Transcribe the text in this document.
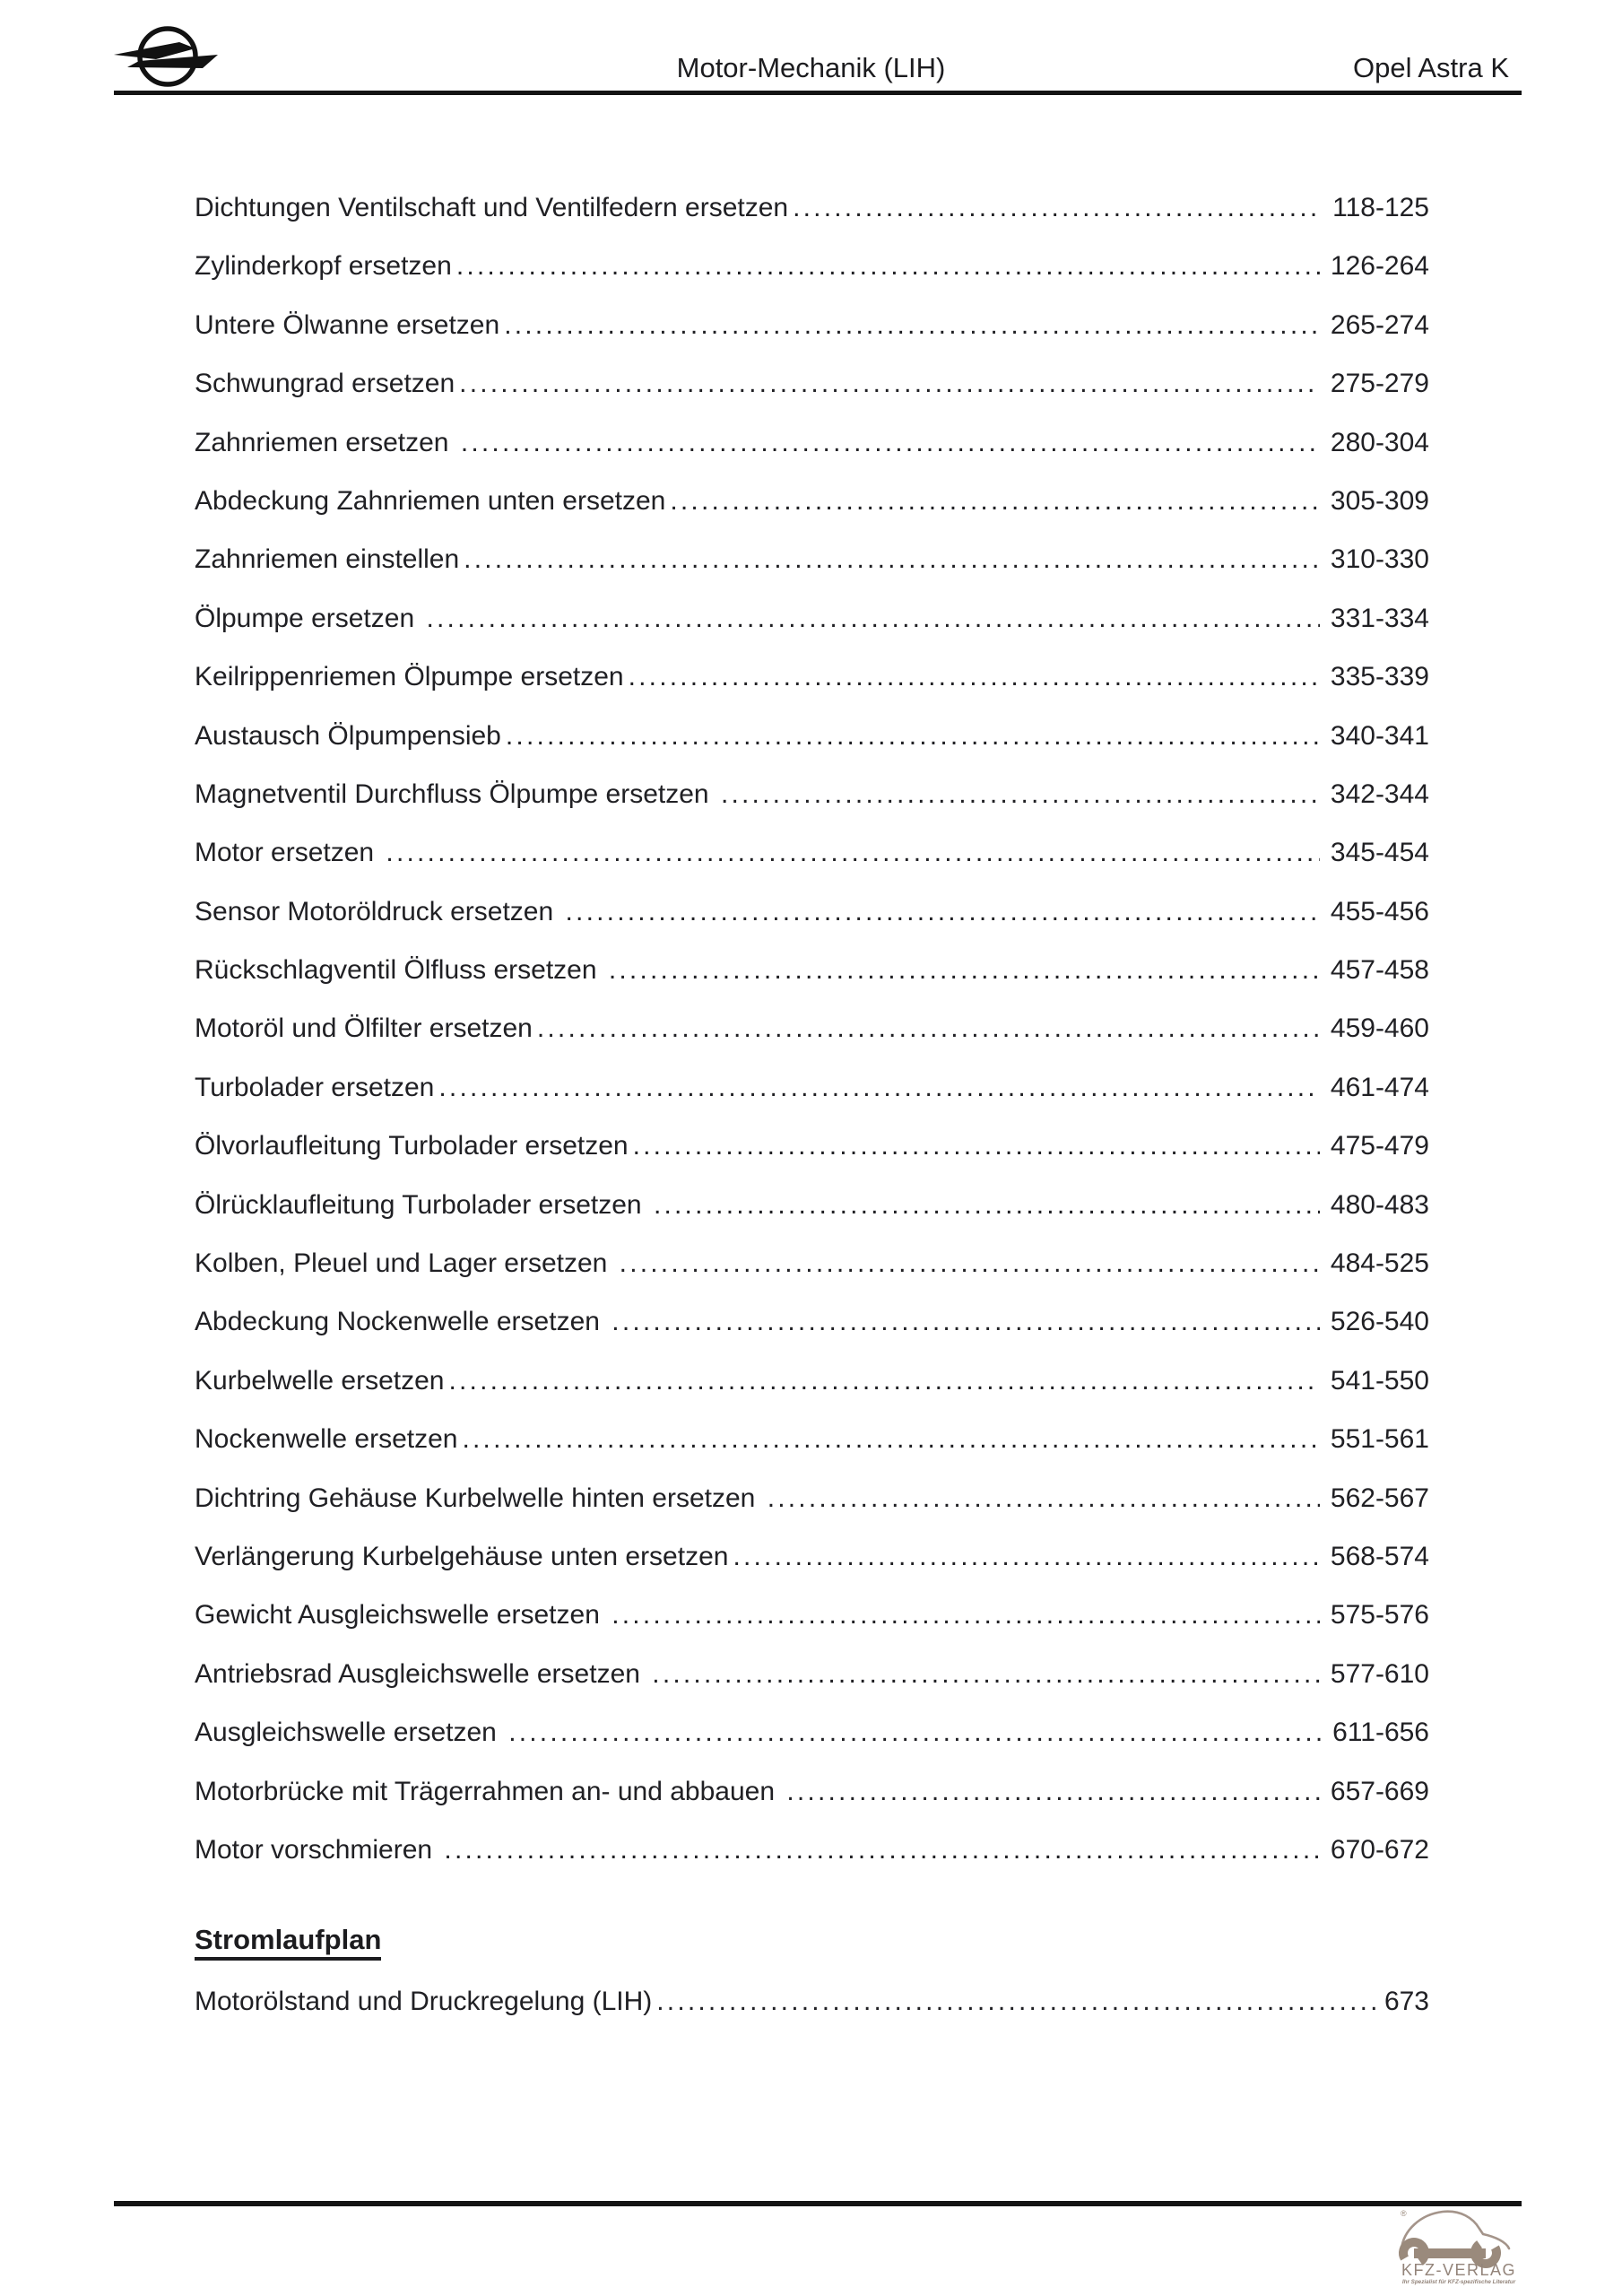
Motor-Mechanik (LIH)	Opel Astra K
Dichtungen Ventilschaft und Ventilfedern ersetzen .....	118-125
Zylinderkopf ersetzen .....	126-264
Untere Ölwanne ersetzen .....	265-274
Schwungrad ersetzen .....	275-279
Zahnriemen ersetzen .....	280-304
Abdeckung Zahnriemen unten ersetzen .....	305-309
Zahnriemen einstellen .....	310-330
Ölpumpe ersetzen .....	331-334
Keilrippenriemen Ölpumpe ersetzen .....	335-339
Austausch Ölpumpensieb .....	340-341
Magnetventil Durchfluss Ölpumpe ersetzen .....	342-344
Motor ersetzen .....	345-454
Sensor Motoröldruck ersetzen .....	455-456
Rückschlagventil Ölfluss ersetzen .....	457-458
Motoröl und Ölfilter ersetzen .....	459-460
Turbolader ersetzen .....	461-474
Ölvorlaufleitung Turbolader ersetzen .....	475-479
Ölrücklaufleitung Turbolader ersetzen .....	480-483
Kolben, Pleuel und Lager ersetzen .....	484-525
Abdeckung Nockenwelle ersetzen .....	526-540
Kurbelwelle ersetzen .....	541-550
Nockenwelle ersetzen .....	551-561
Dichtring Gehäuse Kurbelwelle hinten ersetzen .....	562-567
Verlängerung Kurbelgehäuse unten ersetzen .....	568-574
Gewicht Ausgleichswelle ersetzen .....	575-576
Antriebsrad Ausgleichswelle ersetzen .....	577-610
Ausgleichswelle ersetzen .....	611-656
Motorbrücke mit Trägerrahmen an- und abbauen .....	657-669
Motor vorschmieren .....	670-672
Stromlaufplan
Motorölstand und Druckregelung (LIH) .....	673
®
KFZ-VERLAG
Ihr Spezialist für KFZ-spezifische Literatur
